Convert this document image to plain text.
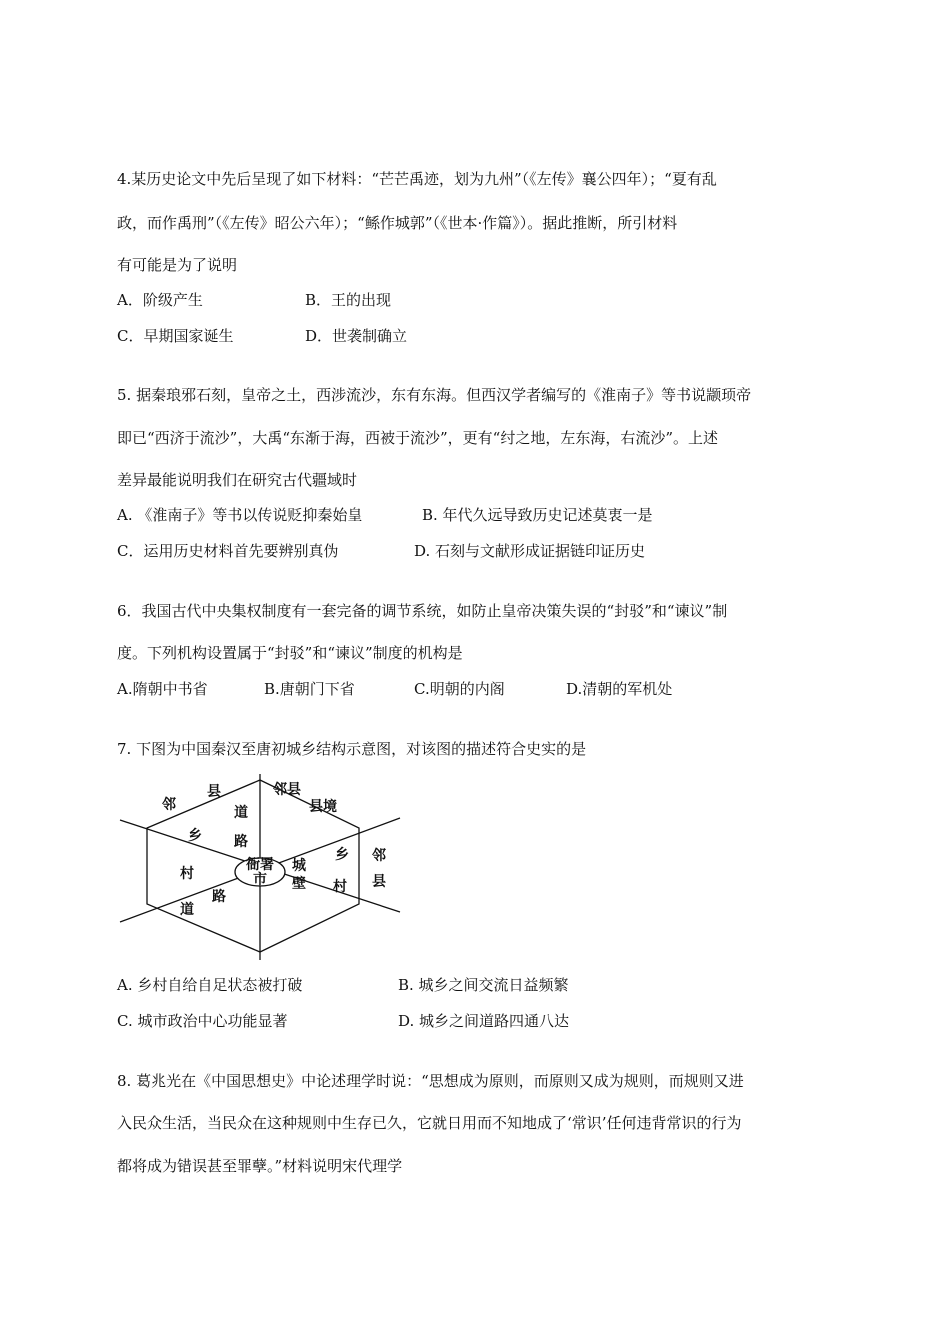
4.某历史论文中先后呈现了如下材料：“芒芒禹迹，划为九州”（《左传》襄公四年）；“夏有乱
政，而作禹刑”（《左传》昭公六年）；“鲧作城郭”（《世本·作篇》）。据此推断，所引材料
有可能是为了说明
A．阶级产生	B．王的出现
C．早期国家诞生	D．世袭制确立
5. 据秦琅邪石刻，皇帝之土，西涉流沙，东有东海。但西汉学者编写的《淮南子》等书说颛顼帝
即已“西济于流沙”，大禹“东渐于海，西被于流沙”，更有“纣之地，左东海，右流沙”。上述
差异最能说明我们在研究古代疆域时
A. 《淮南子》等书以传说贬抑秦始皇	B. 年代久远导致历史记述莫衷一是
C．运用历史材料首先要辨别真伪	D. 石刻与文献形成证据链印证历史
6．我国古代中央集权制度有一套完备的调节系统，如防止皇帝决策失误的“封驳”和“谏议”制
度。下列机构设置属于“封驳”和“谏议”制度的机构是
A.隋朝中书省	B.唐朝门下省	C.明朝的内阁	D.清朝的军机处
7. 下图为中国秦汉至唐初城乡结构示意图，对该图的描述符合史实的是
县
邻	道
路
乡
村
路
道
邻县
县境
城
壁
乡
村
邻
县
衙署
市
A. 乡村自给自足状态被打破	B. 城乡之间交流日益频繁
C. 城市政治中心功能显著	D. 城乡之间道路四通八达
8. 葛兆光在《中国思想史》中论述理学时说：“思想成为原则，而原则又成为规则，而规则又进
入民众生活，当民众在这种规则中生存已久，它就日用而不知地成了‘常识’任何违背常识的行为
都将成为错误甚至罪孽。”材料说明宋代理学
